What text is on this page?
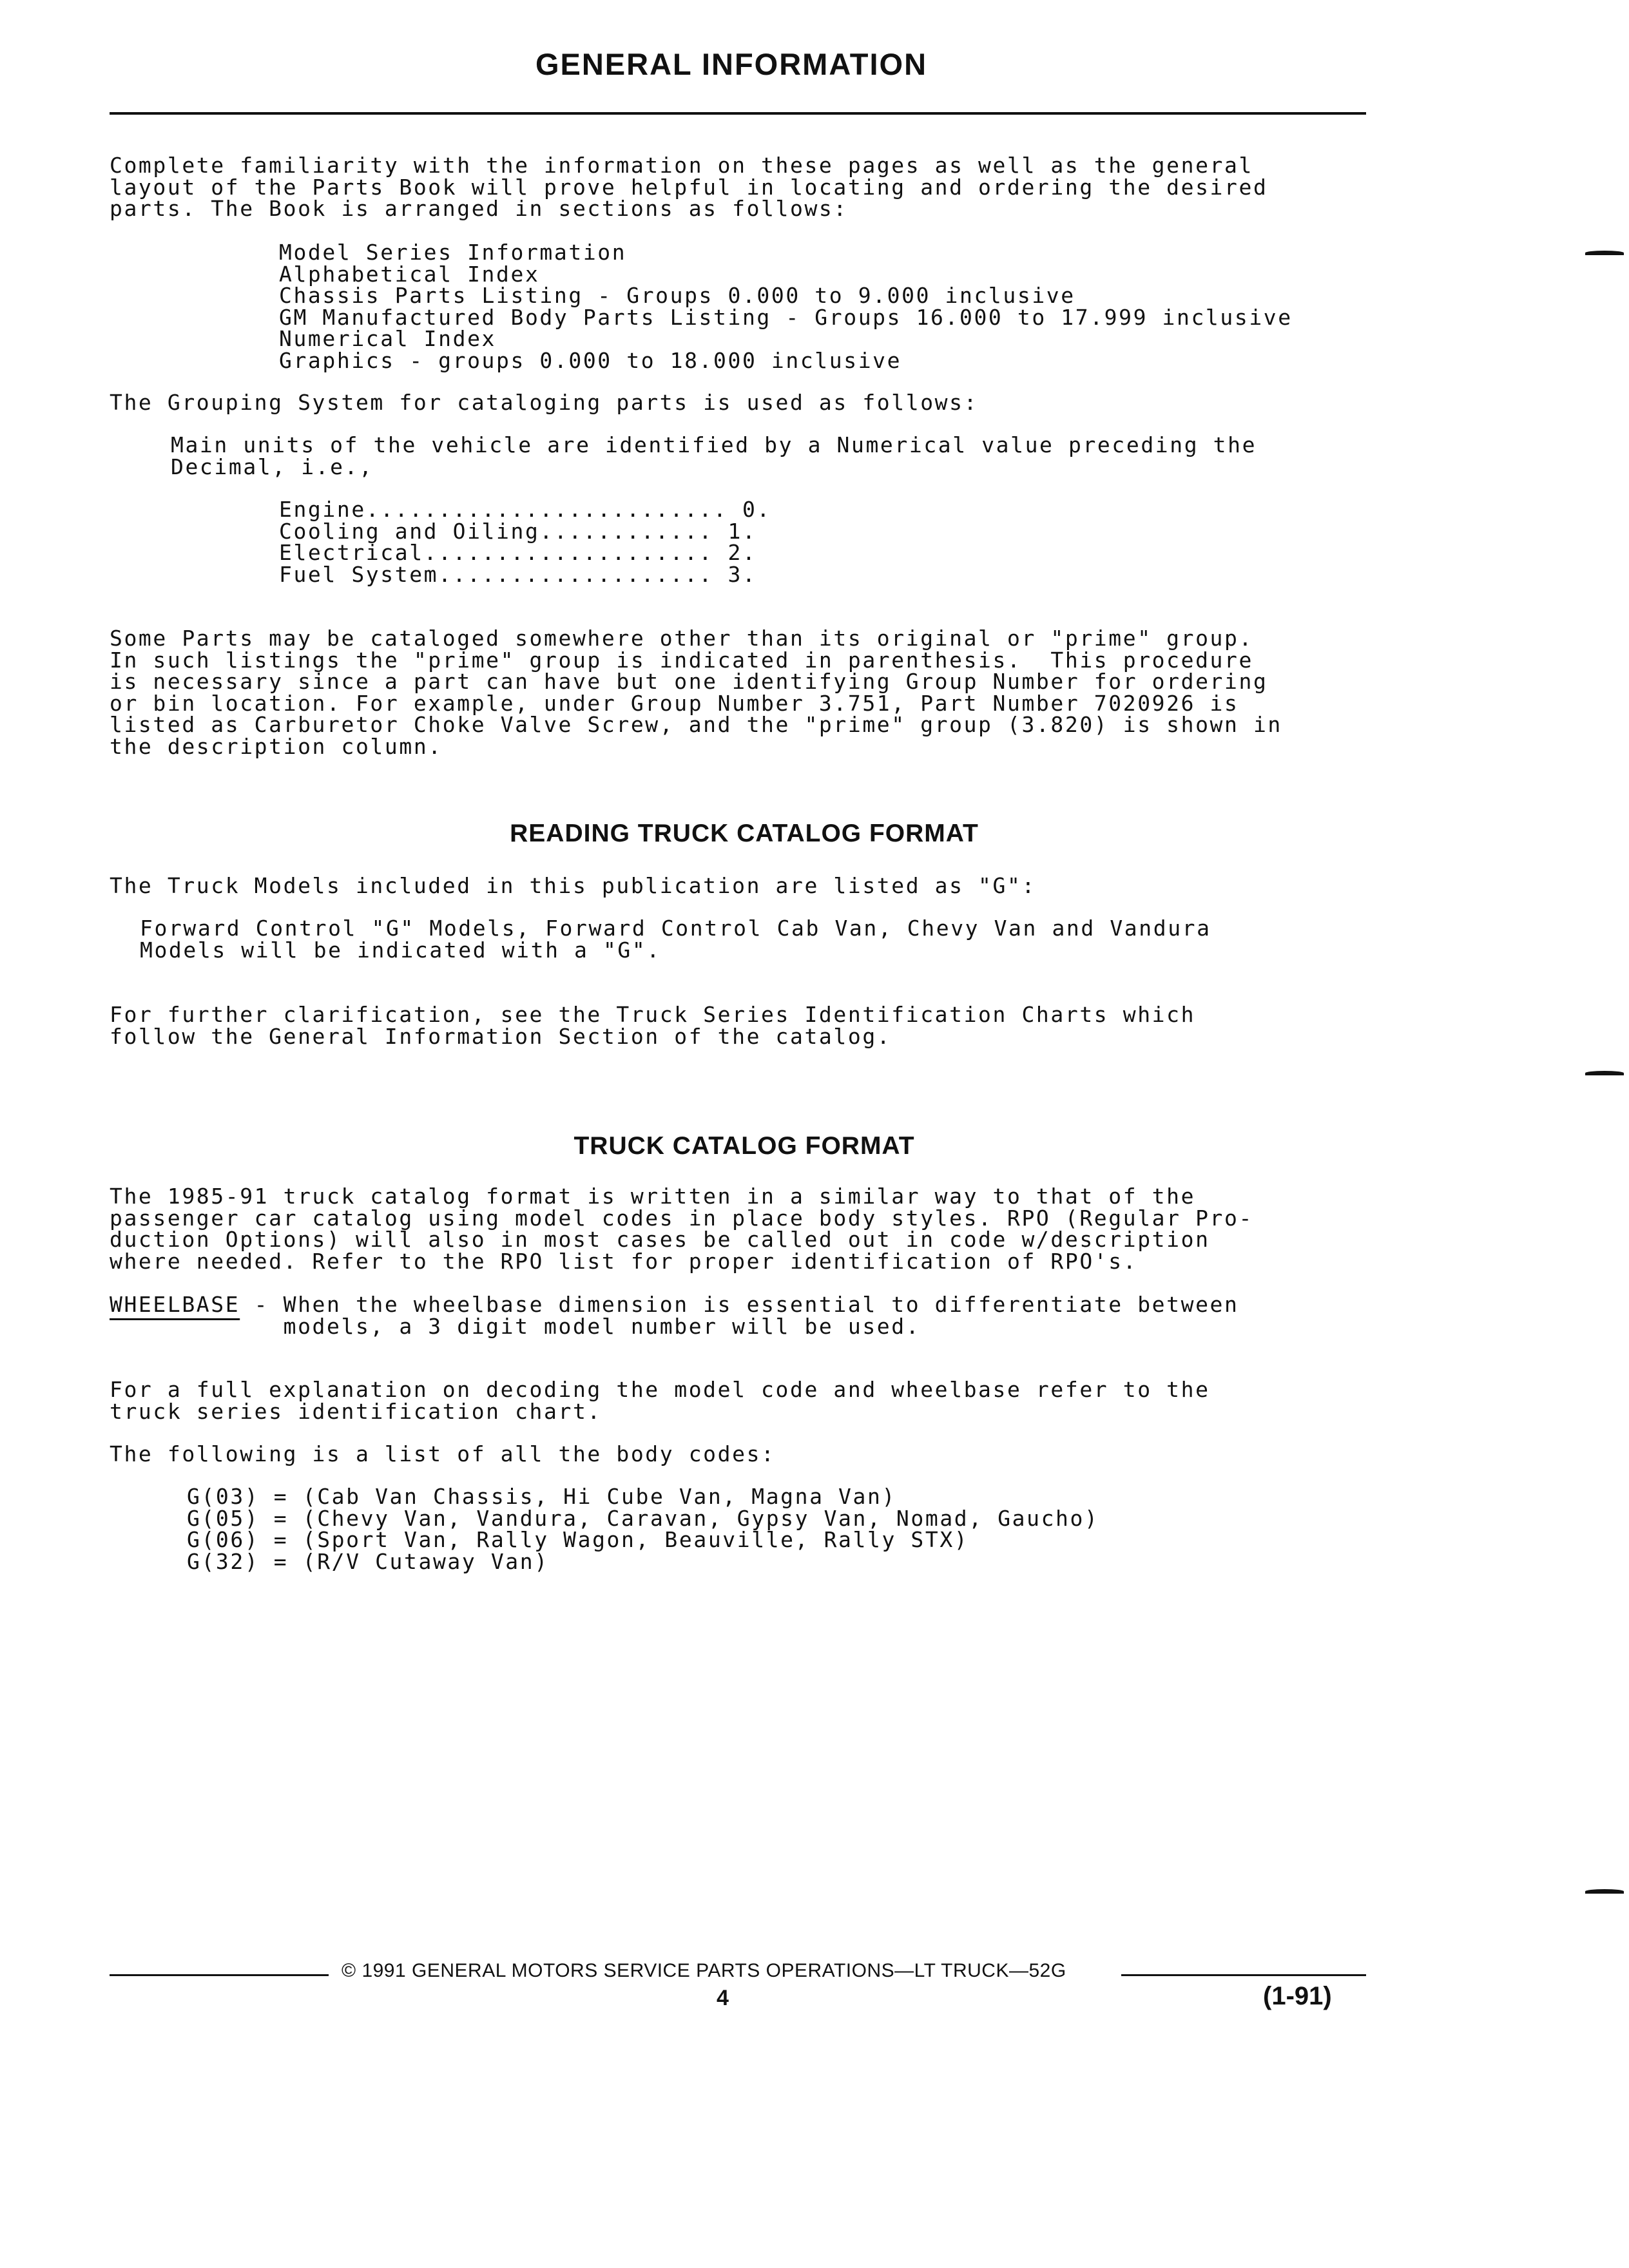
GENERAL INFORMATION
Complete familiarity with the information on these pages as well as the general
layout of the Parts Book will prove helpful in locating and ordering the desired
parts. The Book is arranged in sections as follows:
Model Series Information
Alphabetical Index
Chassis Parts Listing - Groups 0.000 to 9.000 inclusive
GM Manufactured Body Parts Listing - Groups 16.000 to 17.999 inclusive
Numerical Index
Graphics - groups 0.000 to 18.000 inclusive
The Grouping System for cataloging parts is used as follows:
Main units of the vehicle are identified by a Numerical value preceding the
Decimal, i.e.,
Engine......................... 0.
Cooling and Oiling............ 1.
Electrical.................... 2.
Fuel System................... 3.
Some Parts may be cataloged somewhere other than its original or "prime" group.
In such listings the "prime" group is indicated in parenthesis.  This procedure
is necessary since a part can have but one identifying Group Number for ordering
or bin location. For example, under Group Number 3.751, Part Number 7020926 is
listed as Carburetor Choke Valve Screw, and the "prime" group (3.820) is shown in
the description column.
READING TRUCK CATALOG FORMAT
The Truck Models included in this publication are listed as "G":
Forward Control "G" Models, Forward Control Cab Van, Chevy Van and Vandura
Models will be indicated with a "G".
For further clarification, see the Truck Series Identification Charts which
follow the General Information Section of the catalog.
TRUCK CATALOG FORMAT
The 1985-91 truck catalog format is written in a similar way to that of the
passenger car catalog using model codes in place body styles. RPO (Regular Pro-
duction Options) will also in most cases be called out in code w/description
where needed. Refer to the RPO list for proper identification of RPO's.
WHEELBASE - When the wheelbase dimension is essential to differentiate between
models, a 3 digit model number will be used.
For a full explanation on decoding the model code and wheelbase refer to the
truck series identification chart.
The following is a list of all the body codes:
G(03) = (Cab Van Chassis, Hi Cube Van, Magna Van)
G(05) = (Chevy Van, Vandura, Caravan, Gypsy Van, Nomad, Gaucho)
G(06) = (Sport Van, Rally Wagon, Beauville, Rally STX)
G(32) = (R/V Cutaway Van)
© 1991 GENERAL MOTORS SERVICE PARTS OPERATIONS—LT TRUCK—52G
4	(1-91)
